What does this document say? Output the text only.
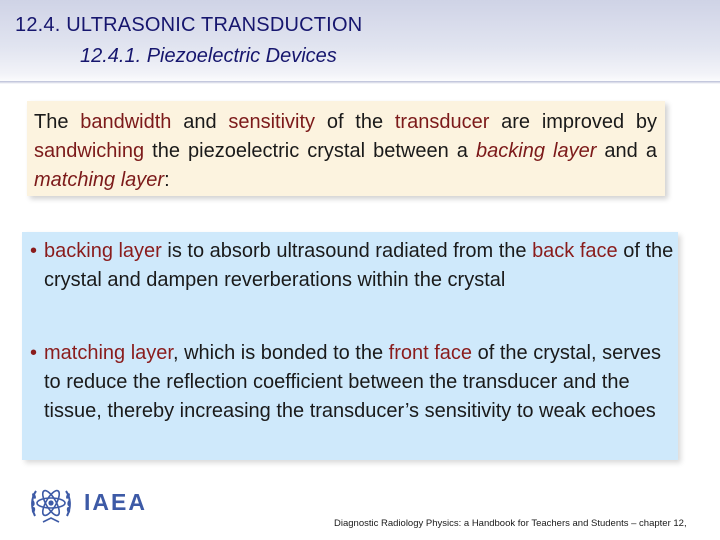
12.4. ULTRASONIC TRANSDUCTION
12.4.1. Piezoelectric Devices
The bandwidth and sensitivity of the transducer are improved by sandwiching the piezoelectric crystal between a backing layer and a matching layer:
• backing layer is to absorb ultrasound radiated from the back face of the crystal and dampen reverberations within the crystal
• matching layer, which is bonded to the front face of the crystal, serves to reduce the reflection coefficient between the transducer and the tissue, thereby increasing the transducer’s sensitivity to weak echoes
IAEA
Diagnostic Radiology Physics: a Handbook for Teachers and Students – chapter 12,
